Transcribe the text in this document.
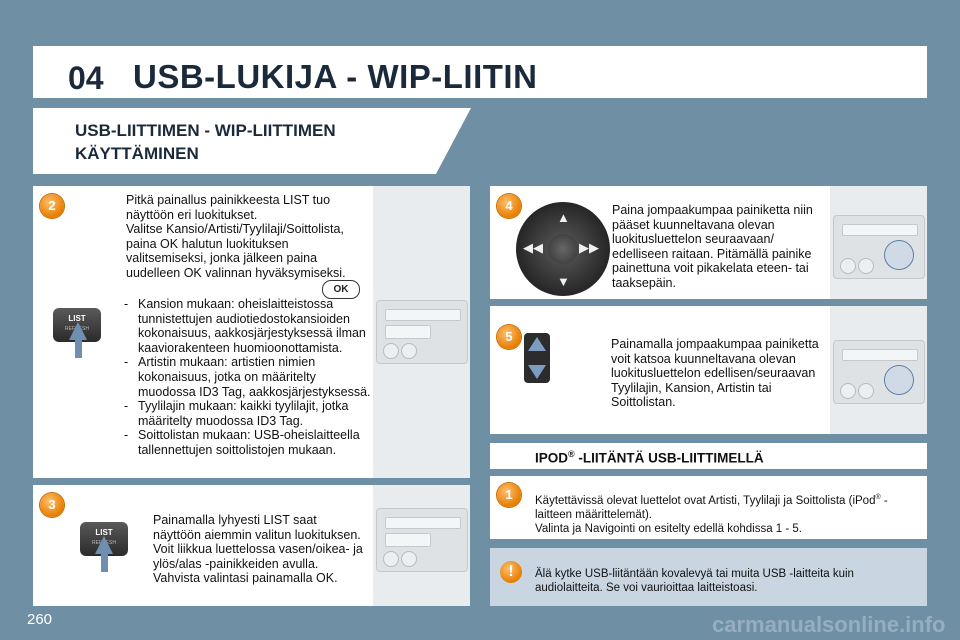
04 USB-LUKIJA - WIP-LIITIN
USB-LIITTIMEN - WIP-LIITTIMEN KÄYTTÄMINEN
2	Pitkä painallus painikkeesta LIST tuo näyttöön eri luokitukset.

Valitse Kansio/Artisti/Tyylilaji/Soittolista, paina OK halutun luokituksen valitsemiseksi, jonka jälkeen paina uudelleen OK valinnan hyväksymiseksi.

OK
- Kansion mukaan: oheislaitteistossa tunnistettujen audiotiedostokansioiden kokonaisuus, aakkosjärjestyksessä ilman kaaviorakenteen huomioonottamista.
- Artistin mukaan: artistien nimien kokonaisuus, jotka on määritelty muodossa ID3 Tag, aakkosjärjestyksessä.
- Tyylilajin mukaan: kaikki tyylilajit, jotka määritelty muodossa ID3 Tag.
- Soittolistan mukaan: USB-oheislaitteella tallennettujen soittolistojen mukaan.
LIST
REFRESH
3
Painamalla lyhyesti LIST saat näyttöön aiemmin valitun luokituksen. Voit liikkua luettelossa vasen/oikea- ja ylös/alas -painikkeiden avulla. Vahvista valintasi painamalla OK.
LIST
REFRESH
4
▲
▼
◀◀	▶▶
Paina jompaakumpaa painiketta niin pääset kuunneltavana olevan luokitusluettelon seuraavaan/ edelliseen raitaan. Pitämällä painike painettuna voit pikakelata eteen- tai taaksepäin.
5	Painamalla jompaakumpaa painiketta voit katsoa kuunneltavana olevan luokitusluettelon edellisen/seuraavan Tyylilajin, Kansion, Artistin tai Soittolistan.
IPOD® -LIITÄNTÄ USB-LIITTIMELLÄ
1	Käytettävissä olevat luettelot ovat Artisti, Tyylilaji ja Soittolista (iPod® - laitteen määrittelemät).

Valinta ja Navigointi on esitelty edellä kohdissa 1 - 5.

!	Älä kytke USB-liitäntään kovalevyä tai muita USB -laitteita kuin audiolaitteita. Se voi vaurioittaa laitteistoasi.
260	carmanualsonline.info
